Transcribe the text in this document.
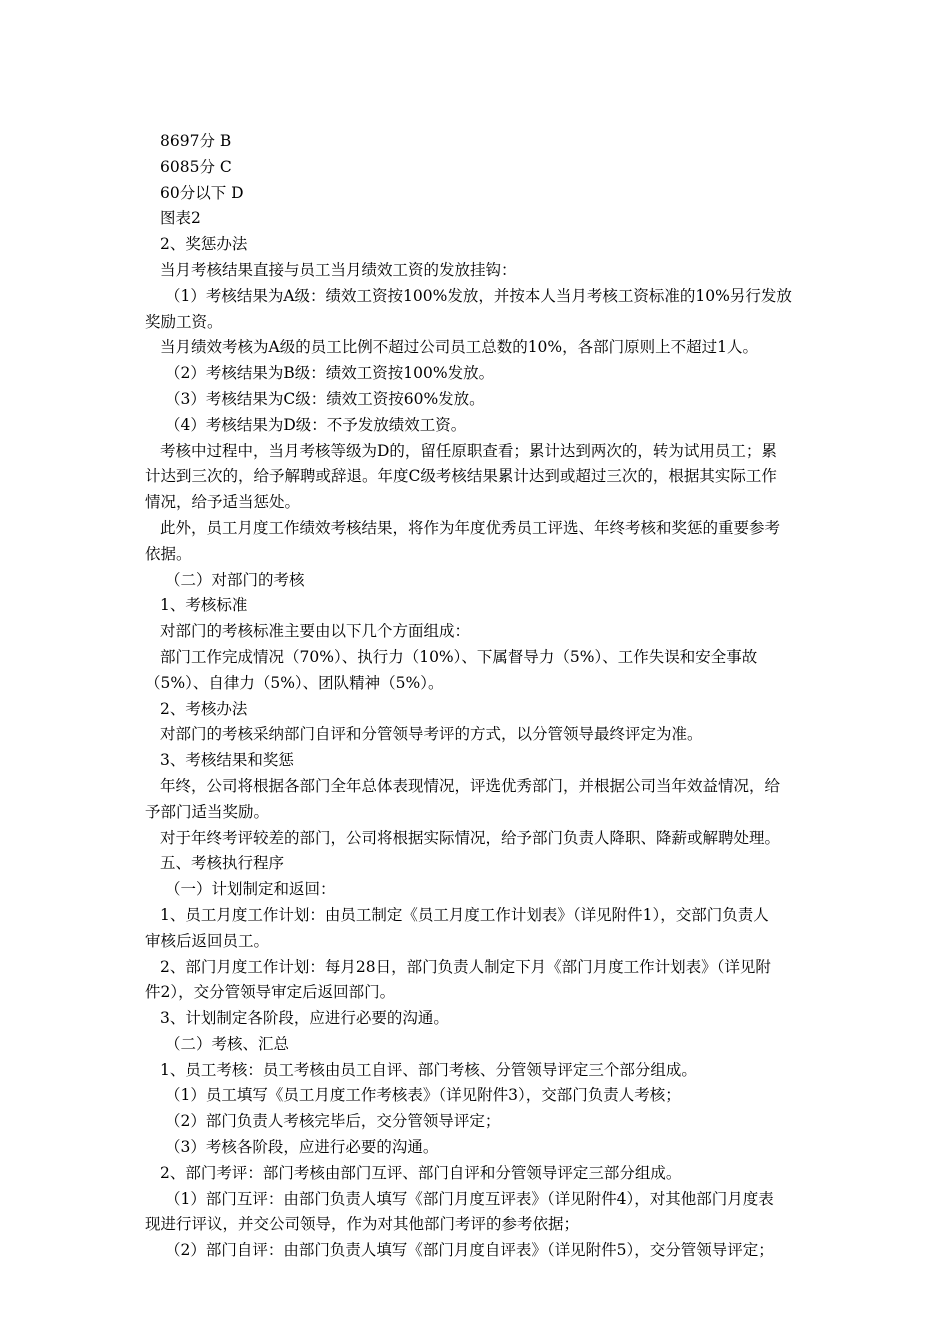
8697分 B
6085分 C
60分以下 D
图表2
2、奖惩办法
当月考核结果直接与员工当月绩效工资的发放挂钩：
（1）考核结果为A级：绩效工资按100%发放，并按本人当月考核工资标准的10%另行发放
奖励工资。
当月绩效考核为A级的员工比例不超过公司员工总数的10%，各部门原则上不超过1人。
（2）考核结果为B级：绩效工资按100%发放。
（3）考核结果为C级：绩效工资按60%发放。
（4）考核结果为D级：不予发放绩效工资。
考核中过程中，当月考核等级为D的，留任原职查看；累计达到两次的，转为试用员工；累
计达到三次的，给予解聘或辞退。年度C级考核结果累计达到或超过三次的，根据其实际工作
情况，给予适当惩处。
此外，员工月度工作绩效考核结果，将作为年度优秀员工评选、年终考核和奖惩的重要参考
依据。
（二）对部门的考核
1、考核标准
对部门的考核标准主要由以下几个方面组成：
部门工作完成情况（70%）、执行力（10%）、下属督导力（5%）、工作失误和安全事故
（5%）、自律力（5%）、团队精神（5%）。
2、考核办法
对部门的考核采纳部门自评和分管领导考评的方式，以分管领导最终评定为准。
3、考核结果和奖惩
年终，公司将根据各部门全年总体表现情况，评选优秀部门，并根据公司当年效益情况，给
予部门适当奖励。
对于年终考评较差的部门，公司将根据实际情况，给予部门负责人降职、降薪或解聘处理。
五、考核执行程序
（一）计划制定和返回：
1、员工月度工作计划：由员工制定《员工月度工作计划表》（详见附件1），交部门负责人
审核后返回员工。
2、部门月度工作计划：每月28日，部门负责人制定下月《部门月度工作计划表》（详见附
件2），交分管领导审定后返回部门。
3、计划制定各阶段，应进行必要的沟通。
（二）考核、汇总
1、员工考核：员工考核由员工自评、部门考核、分管领导评定三个部分组成。
（1）员工填写《员工月度工作考核表》（详见附件3），交部门负责人考核；
（2）部门负责人考核完毕后，交分管领导评定；
（3）考核各阶段，应进行必要的沟通。
2、部门考评：部门考核由部门互评、部门自评和分管领导评定三部分组成。
（1）部门互评：由部门负责人填写《部门月度互评表》（详见附件4），对其他部门月度表
现进行评议，并交公司领导，作为对其他部门考评的参考依据；
（2）部门自评：由部门负责人填写《部门月度自评表》（详见附件5），交分管领导评定；
